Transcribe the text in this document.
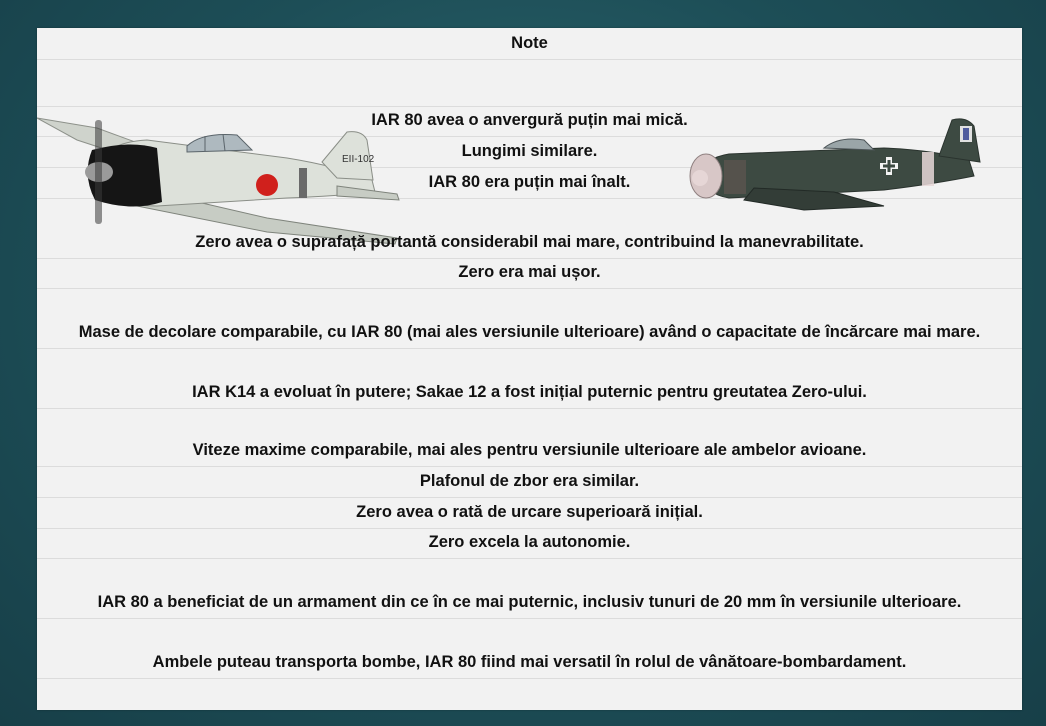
Note
IAR 80 avea o anvergură puțin mai mică.
Lungimi similare.
IAR 80 era puțin mai înalt.
Zero avea o suprafață portantă considerabil mai mare, contribuind la manevrabilitate.
Zero era mai ușor.
Mase de decolare comparabile, cu IAR 80 (mai ales versiunile ulterioare) având o capacitate de încărcare mai mare.
IAR K14 a evoluat în putere; Sakae 12 a fost inițial puternic pentru greutatea Zero-ului.
Viteze maxime comparabile, mai ales pentru versiunile ulterioare ale ambelor avioane.
Plafonul de zbor era similar.
Zero avea o rată de urcare superioară inițial.
Zero excela la autonomie.
IAR 80 a beneficiat de un armament din ce în ce mai puternic, inclusiv tunuri de 20 mm în versiunile ulterioare.
Ambele puteau transporta bombe, IAR 80 fiind mai versatil în rolul de vânătoare-bombardament.
EII-102
